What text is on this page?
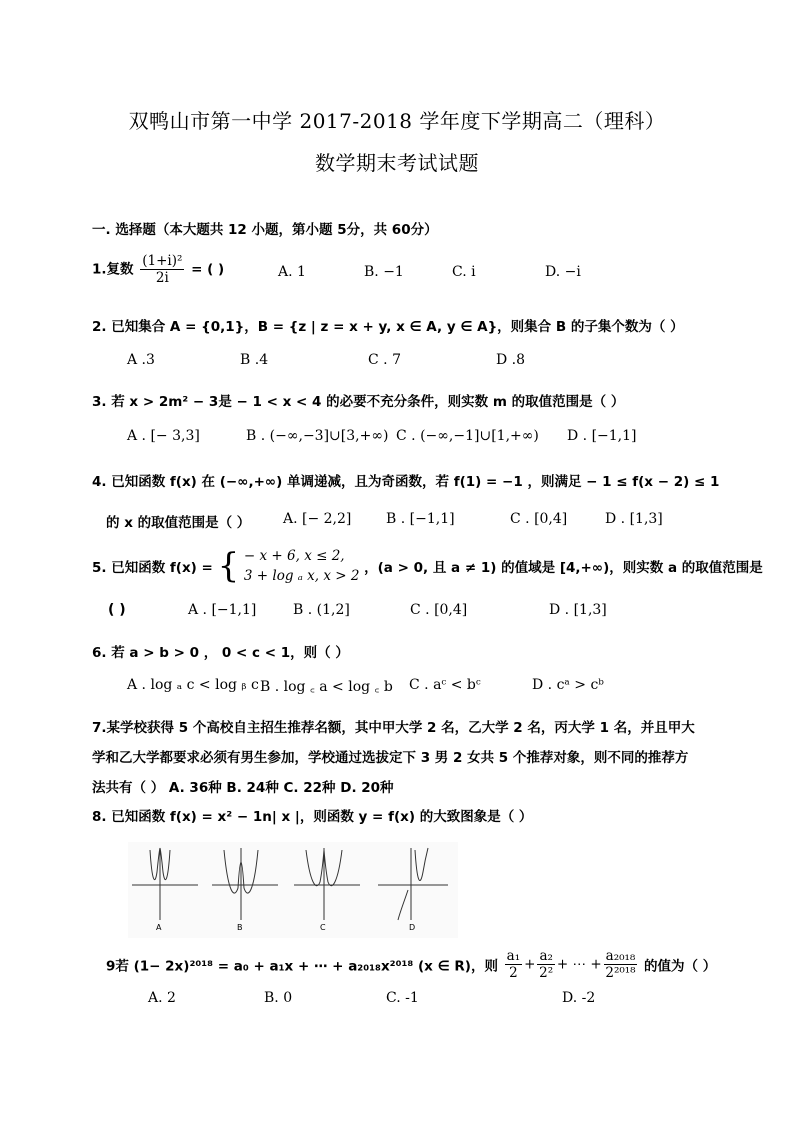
双鸭山市第一中学 2017-2018 学年度下学期高二（理科）
数学期末考试试题
一. 选择题（本大题共 12 小题，第小题 5分，共 60分）
1.复数 $\frac{\text{(1+i)²}}{2i}$ = ( )	A. 1	B. −1	C. i	D. −i
2. 已知集合 A = {0,1}，B = {z | z = x + y, x ∈ A, y ∈ A}，则集合 B 的子集个数为（ ）
A .3	B .4	C . 7	D .8
3. 若 x > 2m² − 3是 − 1 < x < 4 的必要不充分条件，则实数 m 的取值范围是（ ）
A . [− 3,3]	B . (−∞,−3]∪[3,+∞) C . (−∞,−1]∪[1,+∞) D . [−1,1]
4. 已知函数 f(x) 在 (−∞,+∞) 单调递减，且为奇函数，若 f(1) = −1 ，则满足 − 1 ≤ f(x − 2) ≤ 1
的 x 的取值范围是（ ） A. [− 2,2] B . [−1,1]	C . [0,4]	D . [1,3]
5. 已知函数 f(x) = { − x + 6, x ≤ 2,
3 + log ₐ x, x > 2 ，(a > 0, 且 a ≠ 1) 的值域是 [4,+∞)，则实数 a 的取值范围是
( )	A . [−1,1]	B . (1,2]	C . [0,4]	D . [1,3]
6. 若 a > b > 0 ， 0 < c < 1，则（ ）
A . log ₐ c < log ᵦ c B . log ꜀ a < log ꜀ b C . aᶜ < bᶜ	D . cᵃ > cᵇ
7.某学校获得 5 个高校自主招生推荐名额，其中甲大学 2 名，乙大学 2 名，丙大学 1 名，并且甲大
学和乙大学都要求必须有男生参加，学校通过选拔定下 3 男 2 女共 5 个推荐对象，则不同的推荐方
法共有（ ） A. 36种 B. 24种 C. 22种 D. 20种
8. 已知函数 f(x) = x² − 1n| x |，则函数 y = f(x) 的大致图象是（ ）
A	B	C	D
9若 (1− 2x)²⁰¹⁸ = a₀ + a₁x + ⋯ + a₂₀₁₈x²⁰¹⁸ (x ∈ R)，则 $\frac{\text{a₁}}{2} + \frac{\text{a₂}}{\text{2²}}$ + ⋯ + $\frac{\text{a₂₀₁₈}}{\text{2²⁰¹⁸}}$ 的值为（ ）
A. 2	B. 0	C. -1	D. -2
